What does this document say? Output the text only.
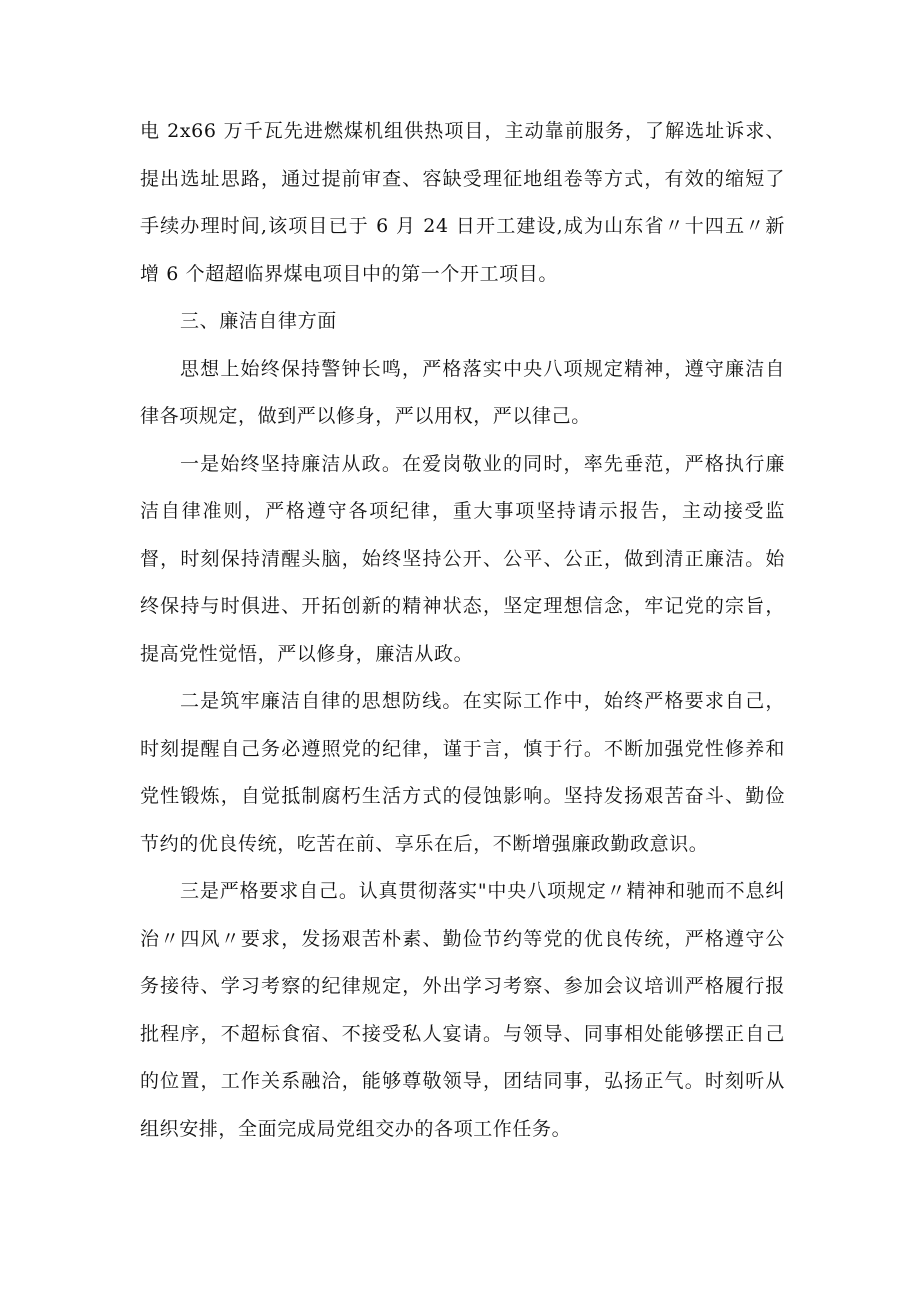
电 2x66 万千瓦先进燃煤机组供热项目，主动靠前服务，了解选址诉求、提出选址思路，通过提前审查、容缺受理征地组卷等方式，有效的缩短了手续办理时间,该项目已于 6 月 24 日开工建设,成为山东省〃十四五〃新增 6 个超超临界煤电项目中的第一个开工项目。

三、廉洁自律方面

思想上始终保持警钟长鸣，严格落实中央八项规定精神，遵守廉洁自律各项规定，做到严以修身，严以用权，严以律己。

一是始终坚持廉洁从政。在爱岗敬业的同时，率先垂范，严格执行廉洁自律准则，严格遵守各项纪律，重大事项坚持请示报告，主动接受监督，时刻保持清醒头脑，始终坚持公开、公平、公正，做到清正廉洁。始终保持与时俱进、开拓创新的精神状态，坚定理想信念，牢记党的宗旨，提高党性觉悟，严以修身，廉洁从政。

二是筑牢廉洁自律的思想防线。在实际工作中，始终严格要求自己，时刻提醒自己务必遵照党的纪律，谨于言，慎于行。不断加强党性修养和党性锻炼，自觉抵制腐朽生活方式的侵蚀影响。坚持发扬艰苦奋斗、勤俭节约的优良传统，吃苦在前、享乐在后，不断增强廉政勤政意识。

三是严格要求自己。认真贯彻落实"中央八项规定〃精神和驰而不息纠治〃四风〃要求，发扬艰苦朴素、勤俭节约等党的优良传统，严格遵守公务接待、学习考察的纪律规定，外出学习考察、参加会议培训严格履行报批程序，不超标食宿、不接受私人宴请。与领导、同事相处能够摆正自己的位置，工作关系融洽，能够尊敬领导，团结同事，弘扬正气。时刻听从组织安排，全面完成局党组交办的各项工作任务。
